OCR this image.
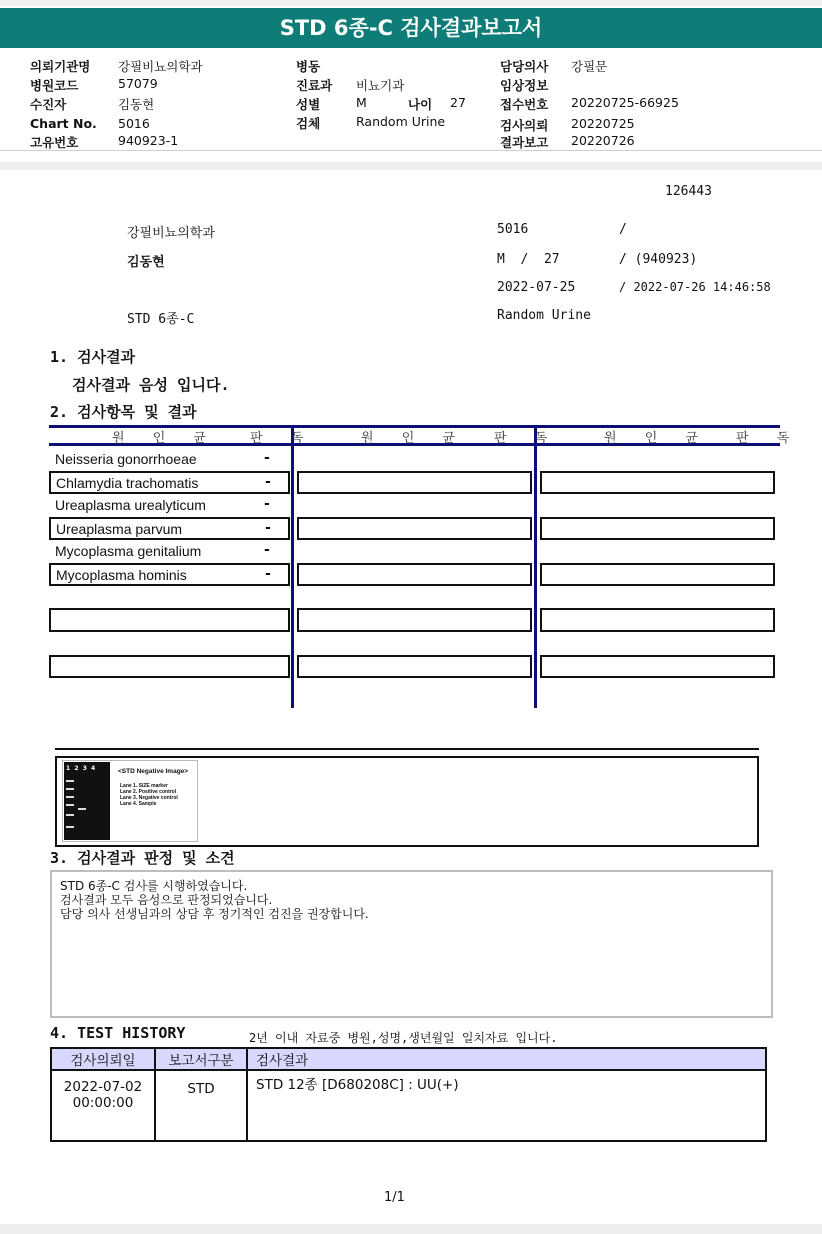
STD 6종-C 검사결과보고서
의뢰기관명 강필비뇨의학과
병원코드	57079
수진자	김동현
Chart No. 5016
고유번호	940923-1
병동
진료과 비뇨기과
성별	M	나이 27
검체	Random Urine
담당의사 강필문
임상정보
접수번호 20220725-66925
검사의뢰 20220725
결과보고 20220726
126443
강필비뇨의학과	5016	/
김동현	M  /  27	/ (940923)
2022-07-25	/ 2022-07-26 14:46:58
STD 6종-C	Random Urine
1. 검사결과
검사결과 음성 입니다.
2. 검사항목 및 결과
원 인 균 판 독	원 인 균 판 독	원 인 균 판 독
Neisseria gonorrhoeae	-
Chlamydia trachomatis	-
Ureaplasma urealyticum	-
Ureaplasma parvum	-
Mycoplasma genitalium	-
Mycoplasma hominis	-
1  2  3  4	<STD Negative Image>
Lane 1. SIZE marker
Lane 2. Positive control
Lane 3. Negative control
Lane 4. Sample
3. 검사결과 판정 및 소견
STD 6종-C 검사를 시행하였습니다.
검사결과 모두 음성으로 판정되었습니다.
담당 의사 선생님과의 상담 후 정기적인 검진을 권장합니다.
4. TEST HISTORY	2년 이내 자료중 병원,성명,생년월일 일치자료 입니다.
검사의뢰일	보고서구분	검사결과

2022-07-02
00:00:00	STD	STD 12종 [D680208C] : UU(+)
1/1
